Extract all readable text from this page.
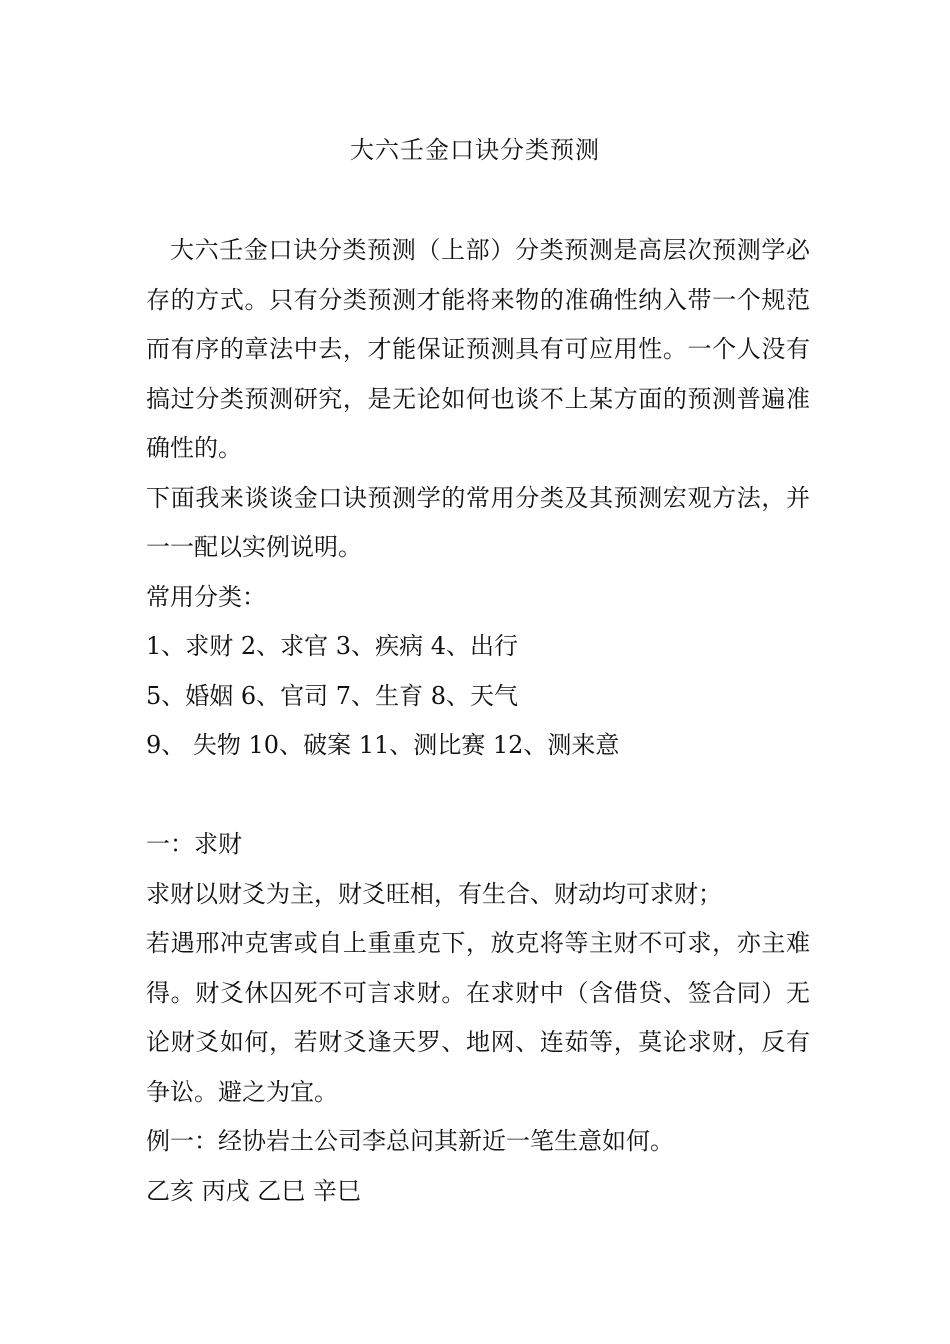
大六壬金口诀分类预测

大六壬金口诀分类预测（上部）分类预测是高层次预测学必存的方式。只有分类预测才能将来物的准确性纳入带一个规范而有序的章法中去，才能保证预测具有可应用性。一个人没有搞过分类预测研究，是无论如何也谈不上某方面的预测普遍准确性的。

下面我来谈谈金口诀预测学的常用分类及其预测宏观方法，并一一配以实例说明。

常用分类：

1、求财 2、求官 3、疾病 4、出行

5、婚姻 6、官司 7、生育 8、天气

9、 失物 10、破案 11、测比赛 12、测来意

一：求财

求财以财爻为主，财爻旺相，有生合、财动均可求财；

若遇邢冲克害或自上重重克下，放克将等主财不可求，亦主难得。财爻休囚死不可言求财。在求财中（含借贷、签合同）无论财爻如何，若财爻逢天罗、地网、连茹等，莫论求财，反有争讼。避之为宜。

例一：经协岩土公司李总问其新近一笔生意如何。

乙亥 丙戌 乙巳 辛巳
